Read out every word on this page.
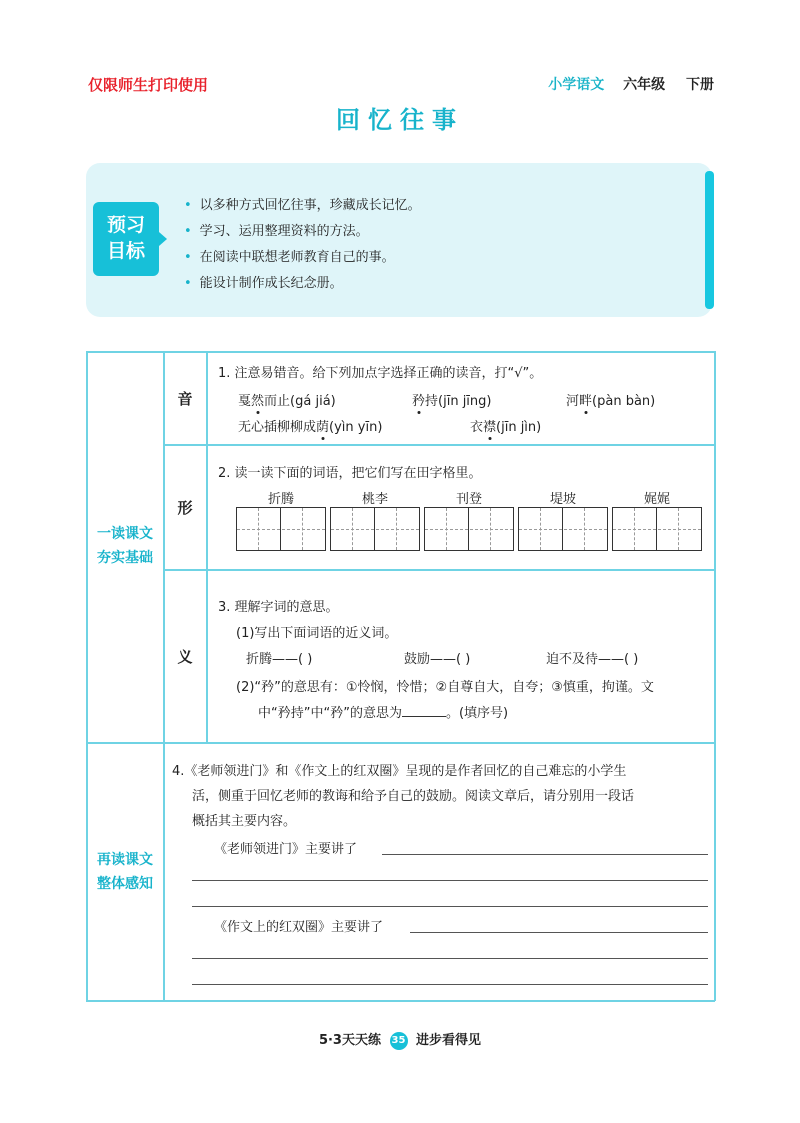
仅限师生打印使用	小学语文 六年级 下册
回忆往事
预习
目标
• 以多种方式回忆往事，珍藏成长记忆。
• 学习、运用整理资料的方法。
• 在阅读中联想老师教育自己的事。
• 能设计制作成长纪念册。
一读课文
夯实基础
音
1. 注意易错音。给下列加点字选择正确的读音，打“√”。
戛然而止(gá jiá)	矜持(jīn jīng)	河畔(pàn bàn)
无心插柳柳成荫(yìn yīn)	衣襟(jīn jìn)
形
2. 读一读下面的词语，把它们写在田字格里。
折腾	桃李	刊登	堤坡	娓娓
义
3. 理解字词的意思。
(1)写出下面词语的近义词。
折腾——( )	鼓励——( )	迫不及待——( )
(2)“矜”的意思有：①怜悯，怜惜；②自尊自大，自夸；③慎重，拘谨。文
中“矜持”中“矜”的意思为	。(填序号)
再读课文
整体感知
4.《老师领进门》和《作文上的红双圈》呈现的是作者回忆的自己难忘的小学生
活，侧重于回忆老师的教诲和给予自己的鼓励。阅读文章后，请分别用一段话
概括其主要内容。
《老师领进门》主要讲了
《作文上的红双圈》主要讲了
5·3天天练 35 进步看得见
